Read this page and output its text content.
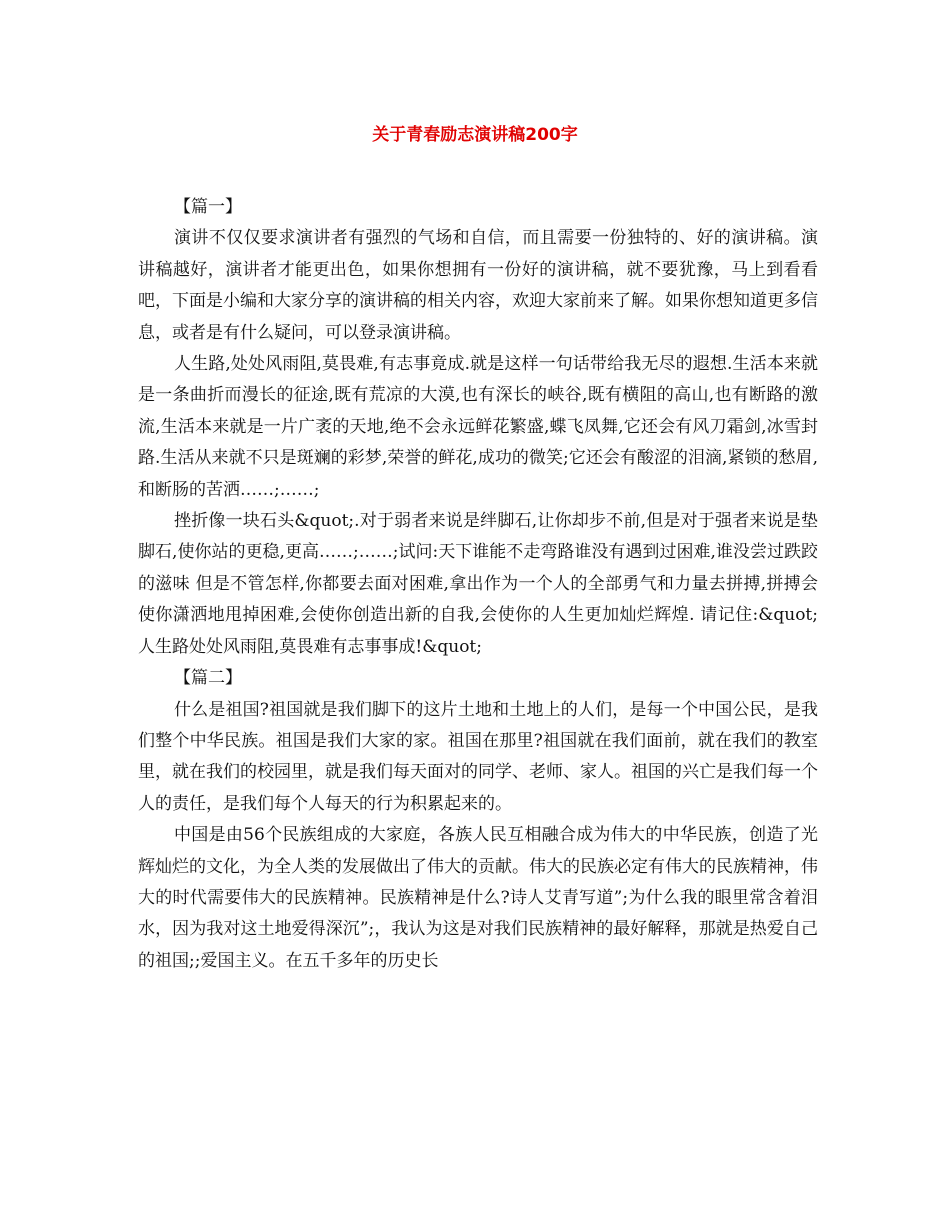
关于青春励志演讲稿200字

【篇一】

演讲不仅仅要求演讲者有强烈的气场和自信，而且需要一份独特的、好的演讲稿。演讲稿越好，演讲者才能更出色，如果你想拥有一份好的演讲稿，就不要犹豫，马上到看看吧，下面是小编和大家分享的演讲稿的相关内容，欢迎大家前来了解。如果你想知道更多信息，或者是有什么疑问，可以登录演讲稿。

人生路,处处风雨阻,莫畏难,有志事竟成.就是这样一句话带给我无尽的遐想.生活本来就是一条曲折而漫长的征途,既有荒凉的大漠,也有深长的峡谷,既有横阻的高山,也有断路的激流,生活本来就是一片广袤的天地,绝不会永远鲜花繁盛,蝶飞凤舞,它还会有风刀霜剑,冰雪封路.生活从来就不只是斑斓的彩梦,荣誉的鲜花,成功的微笑;它还会有酸涩的泪滴,紧锁的愁眉,和断肠的苦洒……;……;

挫折像一块石头&quot;.对于弱者来说是绊脚石,让你却步不前,但是对于强者来说是垫脚石,使你站的更稳,更高……;……;试问:天下谁能不走弯路谁没有遇到过困难,谁没尝过跌跤的滋味 但是不管怎样,你都要去面对困难,拿出作为一个人的全部勇气和力量去拼搏,拼搏会使你潇洒地甩掉困难,会使你创造出新的自我,会使你的人生更加灿烂辉煌. 请记住:&quot;人生路处处风雨阻,莫畏难有志事事成!&quot;

【篇二】

什么是祖国?祖国就是我们脚下的这片土地和土地上的人们，是每一个中国公民，是我们整个中华民族。祖国是我们大家的家。祖国在那里?祖国就在我们面前，就在我们的教室里，就在我们的校园里，就是我们每天面对的同学、老师、家人。祖国的兴亡是我们每一个人的责任，是我们每个人每天的行为积累起来的。

中国是由56个民族组成的大家庭，各族人民互相融合成为伟大的中华民族，创造了光辉灿烂的文化，为全人类的发展做出了伟大的贡献。伟大的民族必定有伟大的民族精神，伟大的时代需要伟大的民族精神。民族精神是什么?诗人艾青写道”;为什么我的眼里常含着泪水，因为我对这土地爱得深沉”;，我认为这是对我们民族精神的最好解释，那就是热爱自己的祖国;;爱国主义。在五千多年的历史长
